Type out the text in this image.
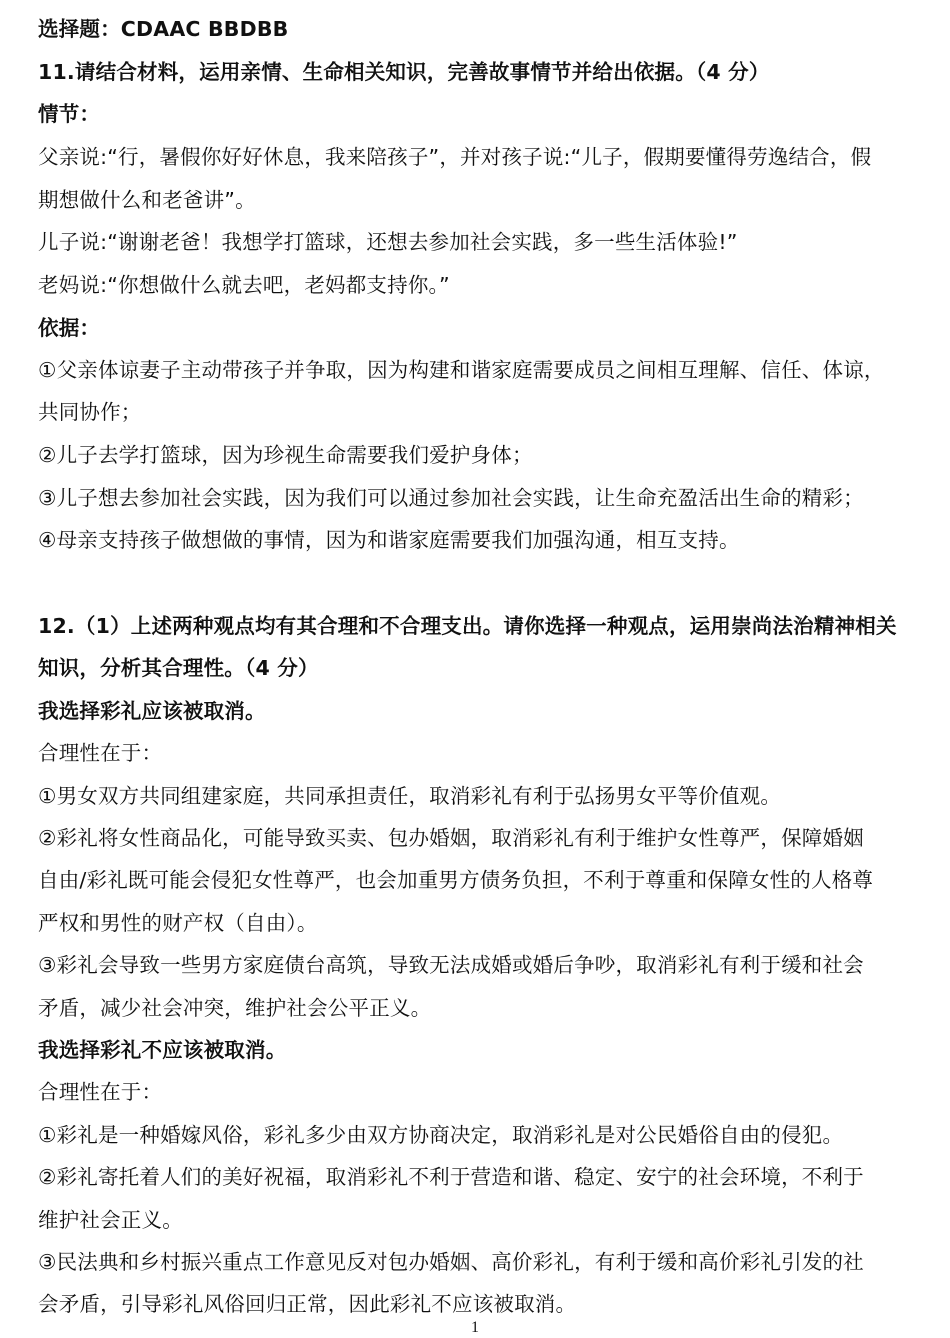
选择题：CDAAC BBDBB
11.请结合材料，运用亲情、生命相关知识，完善故事情节并给出依据。（4 分）
情节：
父亲说:“行，暑假你好好休息，我来陪孩子”，并对孩子说:“儿子，假期要懂得劳逸结合，假
期想做什么和老爸讲”。
儿子说:“谢谢老爸！我想学打篮球，还想去参加社会实践，多一些生活体验!”
老妈说:“你想做什么就去吧，老妈都支持你。”
依据：
①父亲体谅妻子主动带孩子并争取，因为构建和谐家庭需要成员之间相互理解、信任、体谅，
共同协作；
②儿子去学打篮球，因为珍视生命需要我们爱护身体；
③儿子想去参加社会实践，因为我们可以通过参加社会实践，让生命充盈活出生命的精彩；
④母亲支持孩子做想做的事情，因为和谐家庭需要我们加强沟通，相互支持。
12.（1）上述两种观点均有其合理和不合理支出。请你选择一种观点，运用崇尚法治精神相关
知识，分析其合理性。（4 分）
我选择彩礼应该被取消。
合理性在于：
①男女双方共同组建家庭，共同承担责任，取消彩礼有利于弘扬男女平等价值观。
②彩礼将女性商品化，可能导致买卖、包办婚姻，取消彩礼有利于维护女性尊严，保障婚姻
自由/彩礼既可能会侵犯女性尊严，也会加重男方债务负担，不利于尊重和保障女性的人格尊
严权和男性的财产权（自由）。
③彩礼会导致一些男方家庭债台高筑，导致无法成婚或婚后争吵，取消彩礼有利于缓和社会
矛盾，减少社会冲突，维护社会公平正义。
我选择彩礼不应该被取消。
合理性在于：
①彩礼是一种婚嫁风俗，彩礼多少由双方协商决定，取消彩礼是对公民婚俗自由的侵犯。
②彩礼寄托着人们的美好祝福，取消彩礼不利于营造和谐、稳定、安宁的社会环境，不利于
维护社会正义。
③民法典和乡村振兴重点工作意见反对包办婚姻、高价彩礼，有利于缓和高价彩礼引发的社
会矛盾，引导彩礼风俗回归正常，因此彩礼不应该被取消。
1
